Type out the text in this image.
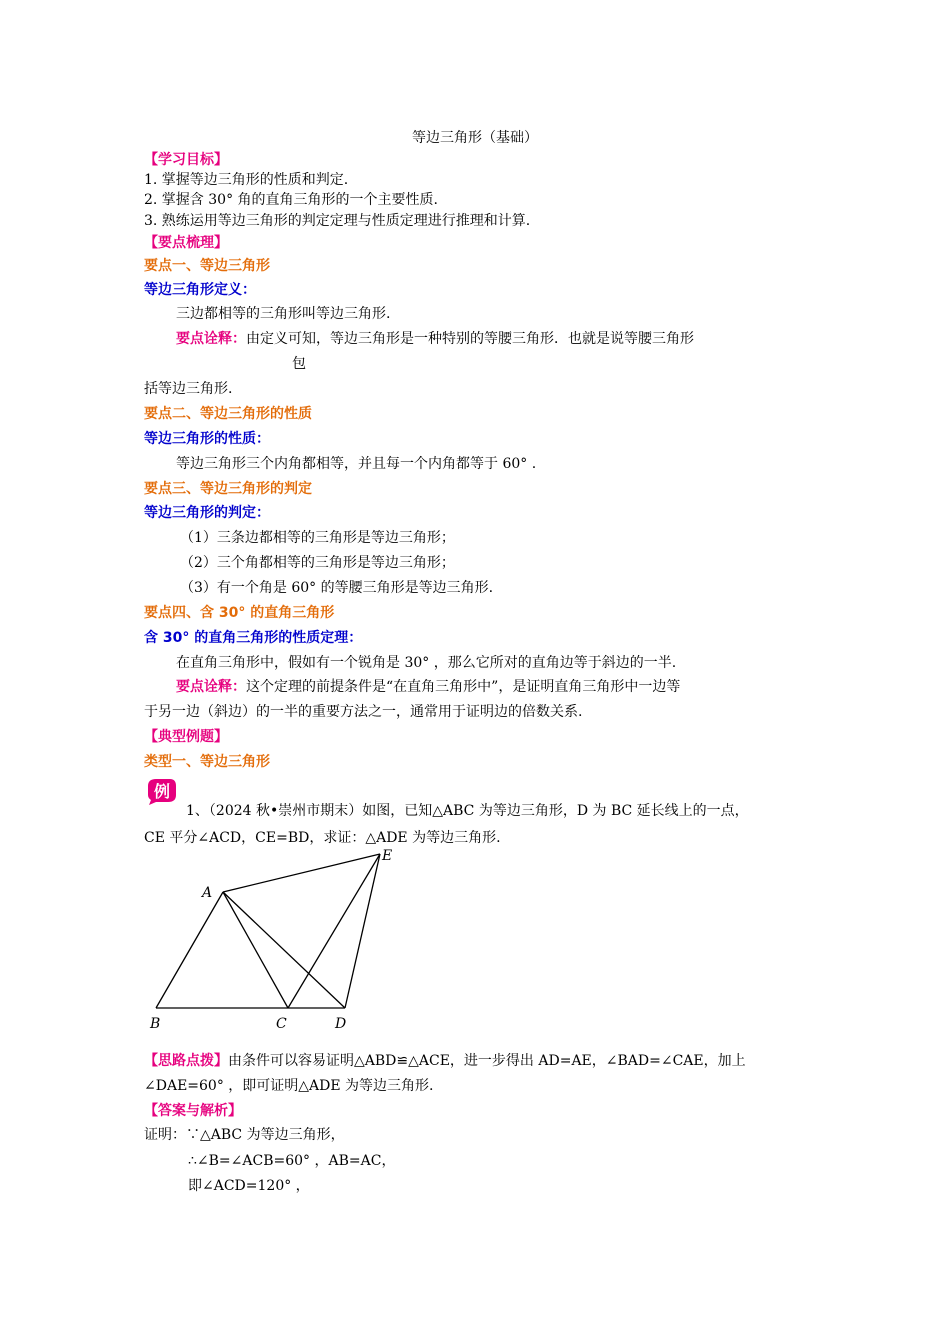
等边三角形（基础）
【学习目标】
1. 掌握等边三角形的性质和判定.
2. 掌握含 30° 角的直角三角形的一个主要性质.
3. 熟练运用等边三角形的判定定理与性质定理进行推理和计算.
【要点梳理】
要点一、等边三角形
等边三角形定义：
三边都相等的三角形叫等边三角形.
要点诠释：由定义可知，等边三角形是一种特别的等腰三角形．也就是说等腰三角形
包
括等边三角形.
要点二、等边三角形的性质
等边三角形的性质：
等边三角形三个内角都相等，并且每一个内角都等于 60° .
要点三、等边三角形的判定
等边三角形的判定：
（1）三条边都相等的三角形是等边三角形；
（2）三个角都相等的三角形是等边三角形；
（3）有一个角是 60° 的等腰三角形是等边三角形.
要点四、含 30° 的直角三角形
含 30° 的直角三角形的性质定理：
在直角三角形中，假如有一个锐角是 30° ，那么它所对的直角边等于斜边的一半.
要点诠释：这个定理的前提条件是“在直角三角形中”，是证明直角三角形中一边等
于另一边（斜边）的一半的重要方法之一，通常用于证明边的倍数关系.
【典型例题】
类型一、等边三角形
例
1、（2024 秋•崇州市期末）如图，已知△ABC 为等边三角形，D 为 BC 延长线上的一点，
CE 平分∠ACD，CE=BD，求证：△ADE 为等边三角形.
A
B	C	D
E
【思路点拨】由条件可以容易证明△ABD≌△ACE，进一步得出 AD=AE，∠BAD=∠CAE，加上
∠DAE=60° ，即可证明△ADE 为等边三角形.
【答案与解析】
证明：∵△ABC 为等边三角形，
∴∠B=∠ACB=60° ，AB=AC，
即∠ACD=120° ，
